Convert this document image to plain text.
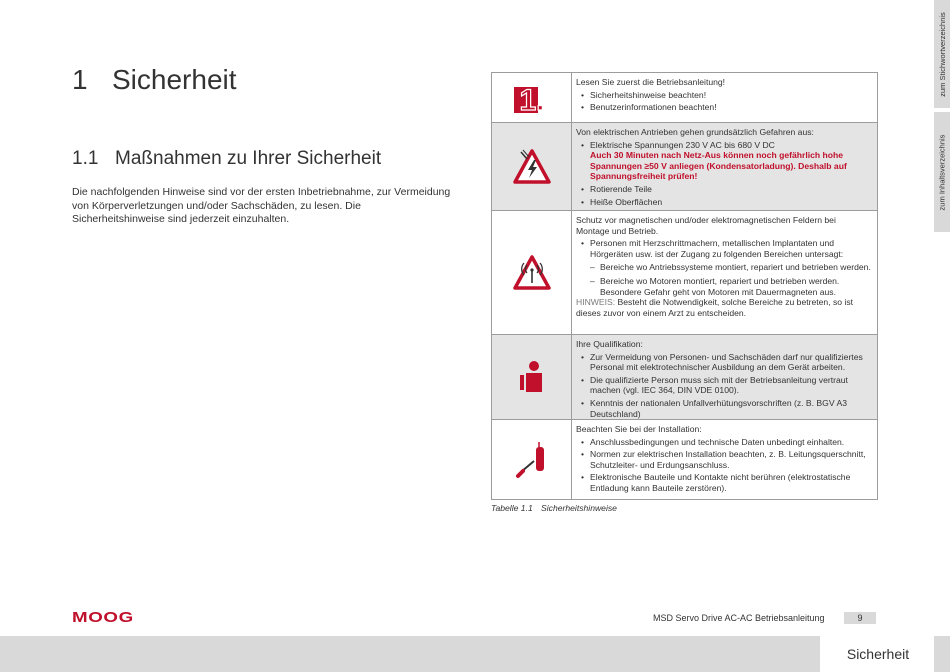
zum Stichwortverzeichnis
zum Inhaltsverzeichnis
1 Sicherheit
1.1 Maßnahmen zu Ihrer Sicherheit

Die nachfolgenden Hinweise sind vor der ersten Inbetriebnahme, zur Vermeidung von Körperverletzungen und/oder Sachschäden, zu lesen. Die Sicherheitshinweise sind jederzeit einzuhalten.

1.

Lesen Sie zuerst die Betriebsanleitung!

• Sicherheitshinweise beachten!
• Benutzerinformationen beachten!

Von elektrischen Antrieben gehen grundsätzlich Gefahren aus:

• Elektrische Spannungen 230 V AC bis 680 V DC
Auch 30 Minuten nach Netz-Aus können noch gefährlich hohe Spannungen ≥50 V anliegen (Kondensatorladung). Deshalb auf Spannungsfreiheit prüfen!
• Rotierende Teile
• Heiße Oberflächen

Schutz vor magnetischen und/oder elektromagnetischen Feldern bei Montage und Betrieb.

• Personen mit Herzschrittmachern, metallischen Implantaten und Hörgeräten usw. ist der Zugang zu folgenden Bereichen untersagt:
– Bereiche wo Antriebssysteme montiert, repariert und betrieben werden.
– Bereiche wo Motoren montiert, repariert und betrieben werden. Besondere Gefahr geht von Motoren mit Dauermagneten aus.

HINWEIS: Besteht die Notwendigkeit, solche Bereiche zu betreten, so ist dieses zuvor von einem Arzt zu entscheiden.

Ihre Qualifikation:

• Zur Vermeidung von Personen- und Sachschäden darf nur qualifiziertes Personal mit elektrotechnischer Ausbildung an dem Gerät arbeiten.
• Die qualifizierte Person muss sich mit der Betriebsanleitung vertraut machen (vgl. IEC 364, DIN VDE 0100).
• Kenntnis der nationalen Unfallverhütungsvorschriften (z. B. BGV A3 Deutschland)

Beachten Sie bei der Installation:

• Anschlussbedingungen und technische Daten unbedingt einhalten.
• Normen zur elektrischen Installation beachten, z. B. Leitungsquerschnitt, Schutzleiter- und Erdungsanschluss.
• Elektronische Bauteile und Kontakte nicht berühren (elektrostatische Entladung kann Bauteile zerstören).
Tabelle 1.1 Sicherheitshinweise
MOOG	MSD Servo Drive AC-AC Betriebsanleitung	9
Sicherheit
